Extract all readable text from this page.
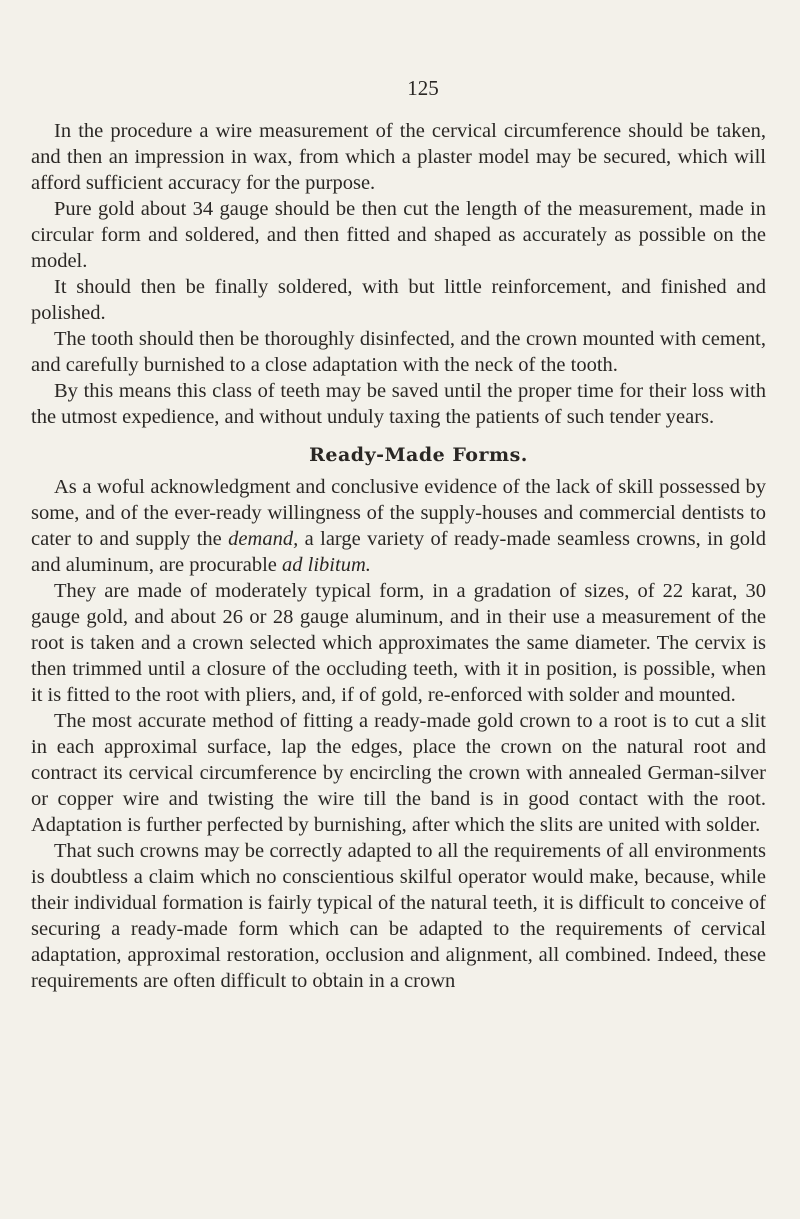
125

In the procedure a wire measurement of the cervical circumference should be taken, and then an impression in wax, from which a plaster model may be secured, which will afford sufficient accuracy for the purpose.

Pure gold about 34 gauge should be then cut the length of the measurement, made in circular form and soldered, and then fitted and shaped as accurately as possible on the model.

It should then be finally soldered, with but little reinforcement, and finished and polished.

The tooth should then be thoroughly disinfected, and the crown mounted with cement, and carefully burnished to a close adaptation with the neck of the tooth.

By this means this class of teeth may be saved until the proper time for their loss with the utmost expedience, and without unduly taxing the patients of such tender years.

Ready-Made Forms.

As a woful acknowledgment and conclusive evidence of the lack of skill possessed by some, and of the ever-ready willingness of the supply-houses and commercial dentists to cater to and supply the demand, a large variety of ready-made seamless crowns, in gold and aluminum, are procurable ad libitum.

They are made of moderately typical form, in a gradation of sizes, of 22 karat, 30 gauge gold, and about 26 or 28 gauge aluminum, and in their use a measurement of the root is taken and a crown selected which approximates the same diameter. The cervix is then trimmed until a closure of the occluding teeth, with it in position, is possible, when it is fitted to the root with pliers, and, if of gold, re-enforced with solder and mounted.

The most accurate method of fitting a ready-made gold crown to a root is to cut a slit in each approximal surface, lap the edges, place the crown on the natural root and contract its cervical circumference by encircling the crown with annealed German-silver or copper wire and twisting the wire till the band is in good contact with the root. Adaptation is further perfected by burnishing, after which the slits are united with solder.

That such crowns may be correctly adapted to all the requirements of all environments is doubtless a claim which no conscientious skilful operator would make, because, while their individual formation is fairly typical of the natural teeth, it is difficult to conceive of securing a ready-made form which can be adapted to the requirements of cervical adaptation, approximal restoration, occlusion and alignment, all combined. Indeed, these requirements are often difficult to obtain in a crown
